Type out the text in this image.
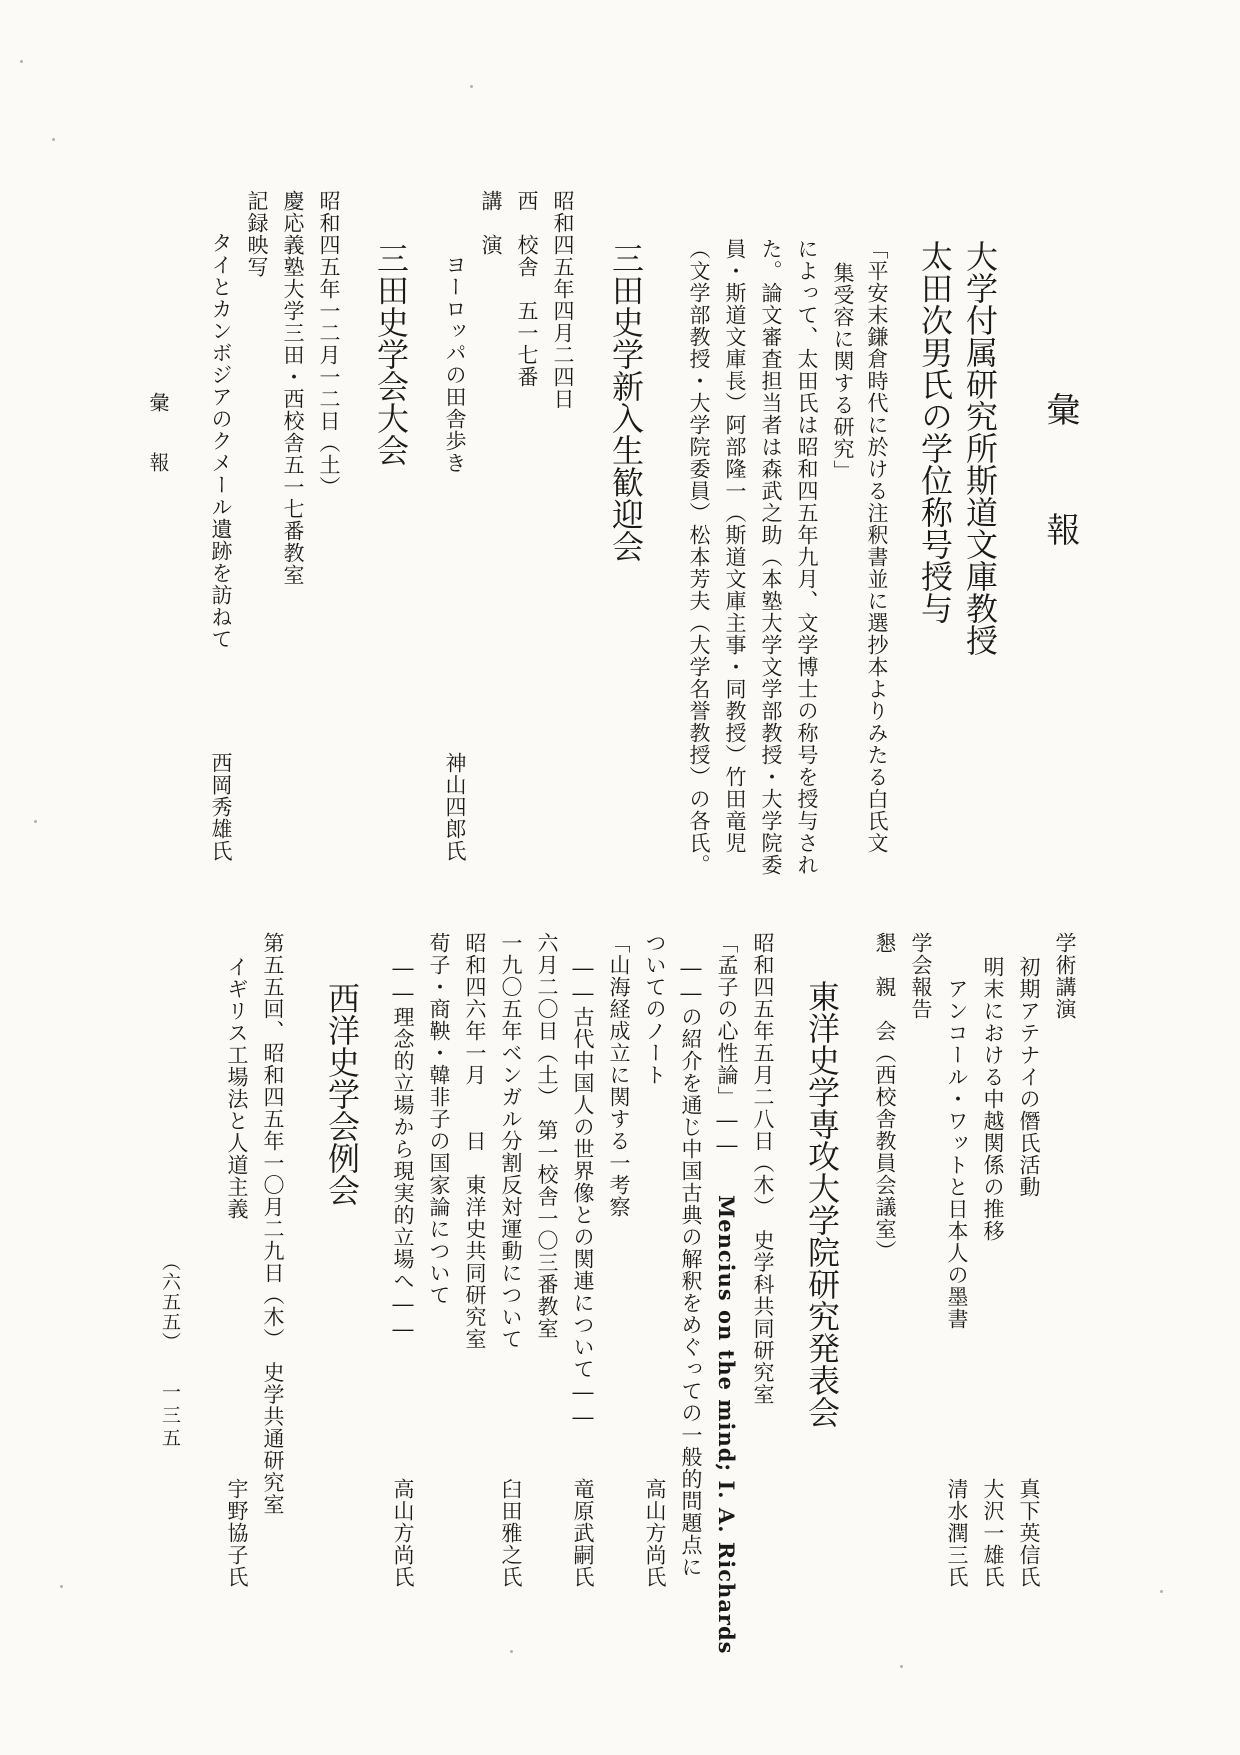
彙　報
大学付属研究所斯道文庫教授
太田次男氏の学位称号授与
「平安末鎌倉時代に於ける注釈書並に選抄本よりみたる白氏文
集受容に関する研究」
によって、太田氏は昭和四五年九月、文学博士の称号を授与され
た。論文審査担当者は森武之助（本塾大学文学部教授・大学院委
員・斯道文庫長）阿部隆一（斯道文庫主事・同教授）竹田竜児
（文学部教授・大学院委員）松本芳夫（大学名誉教授）の各氏。
三田史学新入生歓迎会
昭和四五年四月二四日
西　校舎　五一七番
講　演
ヨーロッパの田舎歩き
神山四郎氏
三田史学会大会
昭和四五年一二月一二日（土）
慶応義塾大学三田・西校舎五一七番教室
記録映写
タイとカンボジアのクメール遺跡を訪ねて
西岡秀雄氏
彙　報
学術講演
初期アテナイの僭氏活動
真下英信氏
明末における中越関係の推移
大沢一雄氏
アンコール・ワットと日本人の墨書
清水潤三氏
学会報告
懇　親　会（西校舎教員会議室）
東洋史学専攻大学院研究発表会
昭和四五年五月二八日（木）　史学科共同研究室
「孟子の心性論」――
Mencius on the mind; I. A. Richards
――の紹介を通じ中国古典の解釈をめぐっての一般的問題点に
ついてのノート
高山方尚氏
「山海経成立に関する一考察
――古代中国人の世界像との関連について――
竜原武嗣氏
六月二〇日（土）　第一校舎一〇三番教室
一九〇五年ベンガル分割反対運動について
臼田雅之氏
昭和四六年一月　　日　東洋史共同研究室
荀子・商鞅・韓非子の国家論について
――理念的立場から現実的立場へ――
高山方尚氏
西洋史学会例会
第五五回、昭和四五年一〇月二九日（木）　史学共通研究室
イギリス工場法と人道主義
宇野協子氏
（六五五）
一三五
